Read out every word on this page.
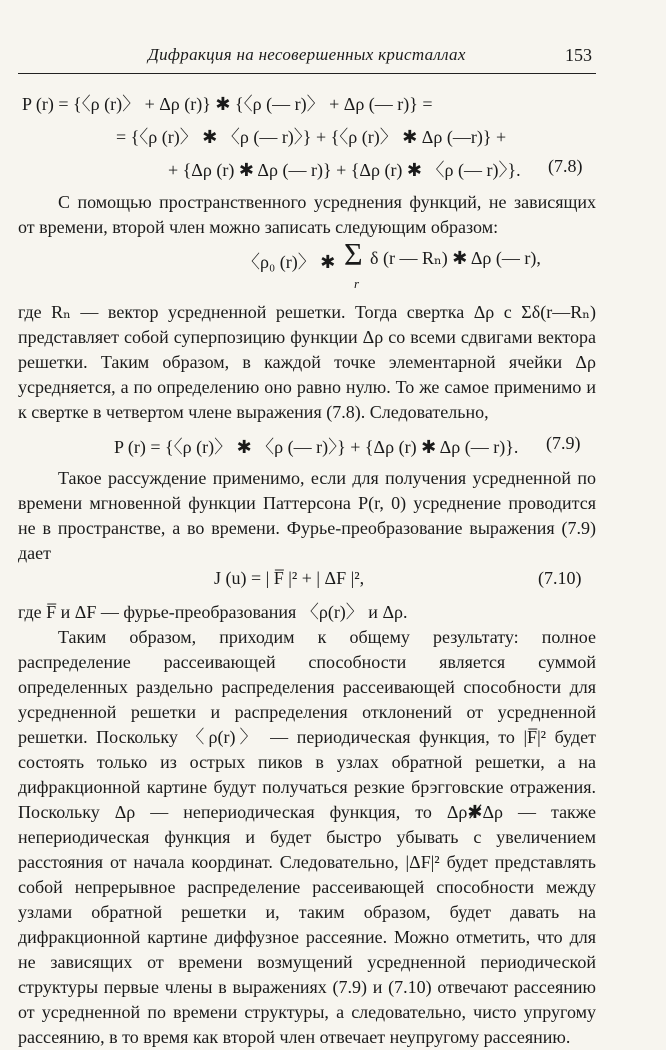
Дифракция на несовершенных кристаллах	153
P (r) = {〈ρ (r)〉 + Δρ (r)} ✱ {〈ρ (— r)〉 + Δρ (— r)} =
= {〈ρ (r)〉 ✱ 〈ρ (— r)〉} + {〈ρ (r)〉 ✱ Δρ (—r)} +
+ {Δρ (r) ✱ Δρ (— r)} + {Δρ (r) ✱ 〈ρ (— r)〉}. (7.8)
С помощью пространственного усреднения функций, не зависящих от времени, второй член можно записать следующим образом:
〈ρ₀ (r)〉 ✱ Σ
r
δ (r — Rₙ) ✱ Δρ (— r),
где Rₙ — вектор усредненной решетки. Тогда свертка Δρ с Σδ(r—Rₙ) представляет собой суперпозицию функции Δρ со всеми сдвигами вектора решетки. Таким образом, в каждой точке элементарной ячейки Δρ усредняется, а по определению оно равно нулю. То же самое применимо и к свертке в четвертом члене выражения (7.8). Следовательно,
P (r) = {〈ρ (r)〉 ✱ 〈ρ (— r)〉} + {Δρ (r) ✱ Δρ (— r)}. (7.9)
Такое рассуждение применимо, если для получения усредненной по времени мгновенной функции Паттерсона P(r, 0) усреднение проводится не в пространстве, а во времени. Фурье-преобразование выражения (7.9) дает
J (u) = | F̅ |² + | ΔF |²,	(7.10)
где F̅ и ΔF — фурье-преобразования 〈ρ(r)〉 и Δρ.
Таким образом, приходим к общему результату: полное распределение рассеивающей способности является суммой определенных раздельно распределения рассеивающей способности для усредненной решетки и распределения отклонений от усредненной решетки. Поскольку 〈ρ(r)〉 — периодическая функция, то |F̅|² будет состоять только из острых пиков в узлах обратной решетки, а на дифракционной картине будут получаться резкие брэгговские отражения. Поскольку Δρ — непериодическая функция, то Δρ✱̸Δρ — также непериодическая функция и будет быстро убывать с увеличением расстояния от начала координат. Следовательно, |ΔF|² будет представлять собой непрерывное распределение рассеивающей способности между узлами обратной решетки и, таким образом, будет давать на дифракционной картине диффузное рассеяние. Можно отметить, что для не зависящих от времени возмущений усредненной периодической структуры первые члены в выражениях (7.9) и (7.10) отвечают рассеянию от усредненной по времени структуры, а следовательно, чисто упругому рассеянию, в то время как второй член отвечает неупругому рассеянию.
